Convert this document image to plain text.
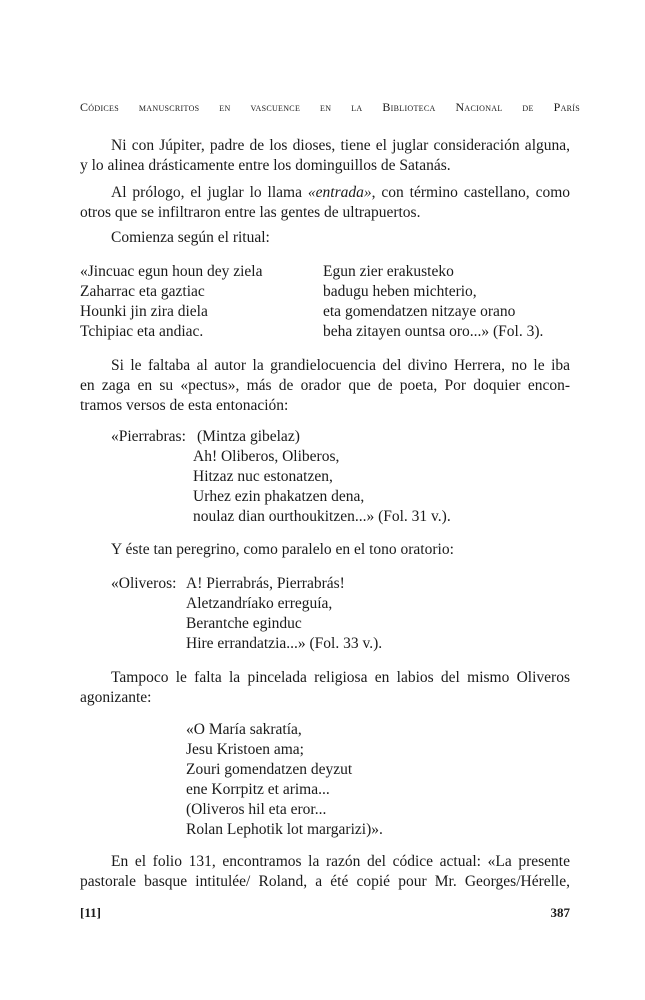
Códices manuscritos en vascuence en la Biblioteca Nacional de París
Ni con Júpiter, padre de los dioses, tiene el juglar consideración alguna,
y lo alinea drásticamente entre los dominguillos de Satanás.
Al prólogo, el juglar lo llama «entrada», con término castellano, como
otros que se infiltraron entre las gentes de ultrapuertos.
Comienza según el ritual:
«Jincuac egun houn dey ziela
Zaharrac eta gaztiac
Hounki jin zira diela
Tchipiac eta andiac.
Egun zier erakusteko
badugu heben michterio,
eta gomendatzen nitzaye orano
beha zitayen ountsa oro...» (Fol. 3).
Si le faltaba al autor la grandielocuencia del divino Herrera, no le iba
en zaga en su «pectus», más de orador que de poeta, Por doquier encon-
tramos versos de esta entonación:
«Pierrabras: (Mintza gibelaz)
Ah! Oliberos, Oliberos,
Hitzaz nuc estonatzen,
Urhez ezin phakatzen dena,
noulaz dian ourthoukitzen...» (Fol. 31 v.).
Y éste tan peregrino, como paralelo en el tono oratorio:
«Oliveros: A! Pierrabrás, Pierrabrás!
Aletzandríako erreguía,
Berantche eginduc
Hire errandatzia...» (Fol. 33 v.).
Tampoco le falta la pincelada religiosa en labios del mismo Oliveros
agonizante:
«O María sakratía,
Jesu Kristoen ama;
Zouri gomendatzen deyzut
ene Korrpitz et arima...
(Oliveros hil eta eror...
Rolan Lephotik lot margarizi)».
En el folio 131, encontramos la razón del códice actual: «La presente
pastorale basque intitulée/ Roland, a été copié pour Mr. Georges/Hérelle,
[11]	387
